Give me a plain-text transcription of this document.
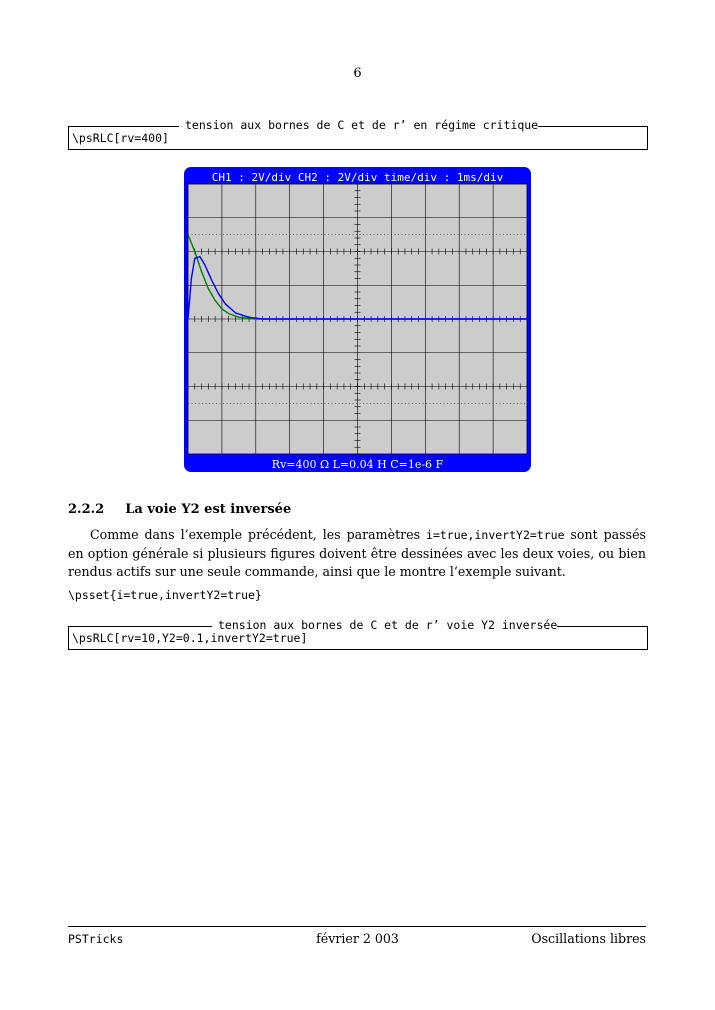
6
tension aux bornes de C et de r’ en régime critique
\psRLC[rv=400]
CH1 : 2V/div CH2 : 2V/div time/div : 1ms/div
Rv=400 Ω L=0.04 H C=1e-6 F
2.2.2 La voie Y2 est inversée

Comme dans l’exemple précédent, les paramètres i=true,invertY2=true sont passés en option générale si plusieurs figures doivent être dessinées avec les deux voies, ou bien rendus actifs sur une seule commande, ainsi que le montre l’exemple suivant.

\psset{i=true,invertY2=true}
tension aux bornes de C et de r’ voie Y2 inversée
\psRLC[rv=10,Y2=0.1,invertY2=true]
PSTricks	février 2 003	Oscillations libres
